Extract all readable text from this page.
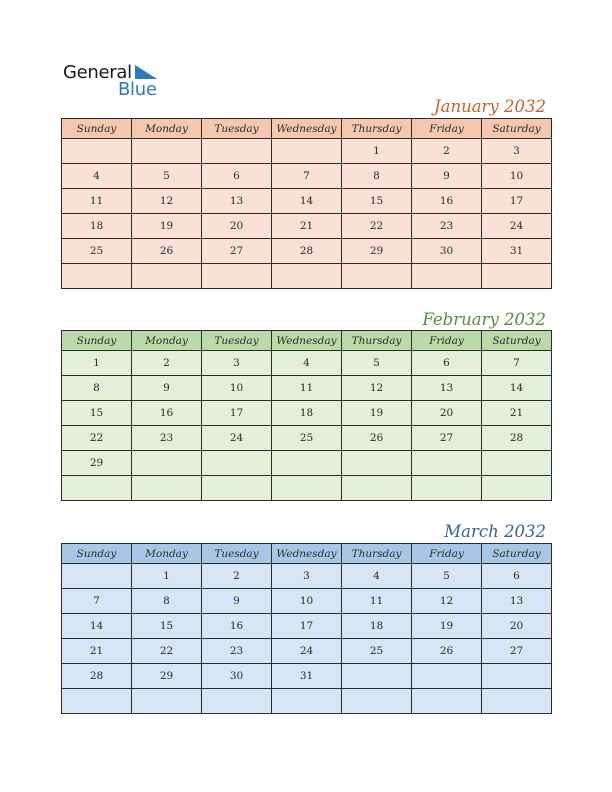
General
Blue
January 2032
Sunday	Monday	Tuesday	Wednesday	Thursday	Friday	Saturday
				1	2	3
4	5	6	7	8	9	10
11	12	13	14	15	16	17
18	19	20	21	22	23	24
25	26	27	28	29	30	31

February 2032
Sunday	Monday	Tuesday	Wednesday	Thursday	Friday	Saturday
1	2	3	4	5	6	7
8	9	10	11	12	13	14
15	16	17	18	19	20	21
22	23	24	25	26	27	28
29						

March 2032
Sunday	Monday	Tuesday	Wednesday	Thursday	Friday	Saturday
	1	2	3	4	5	6
7	8	9	10	11	12	13
14	15	16	17	18	19	20
21	22	23	24	25	26	27
28	29	30	31			
